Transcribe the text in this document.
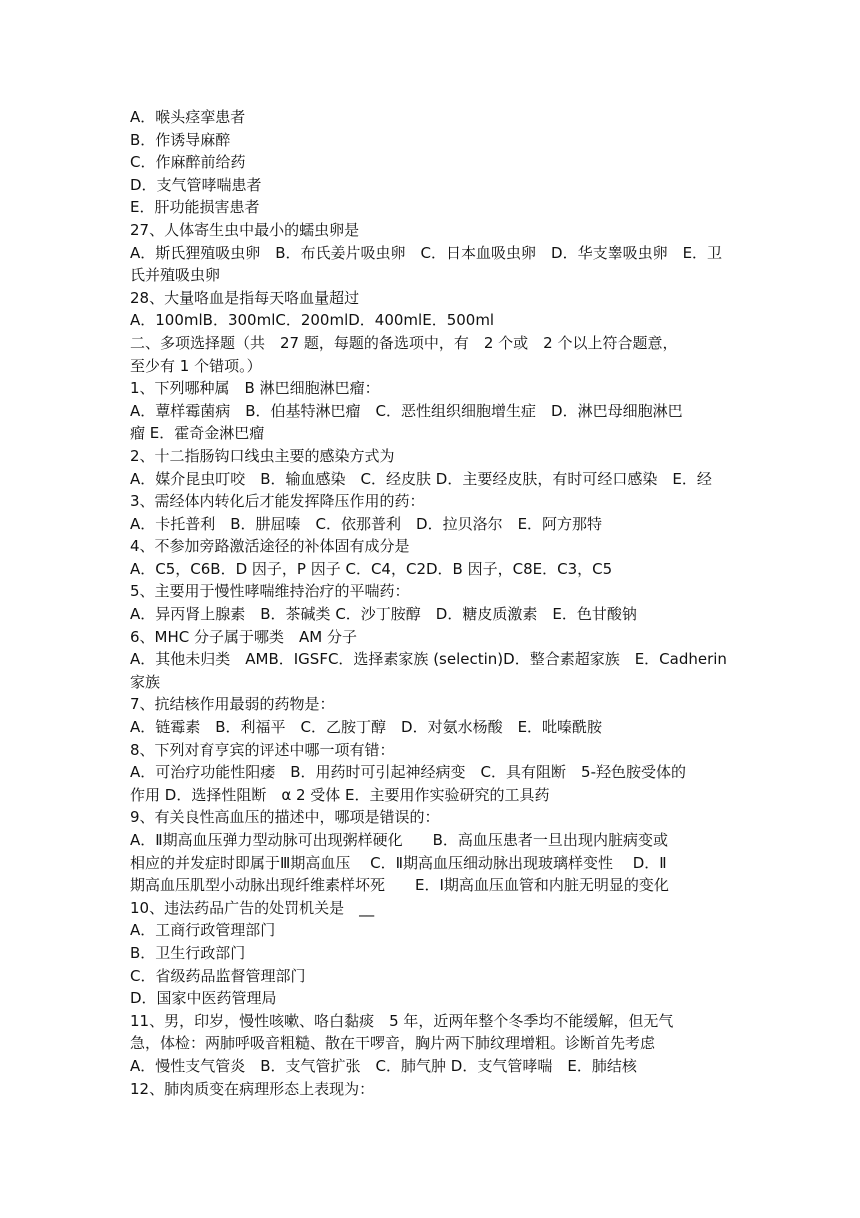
A．喉头痉挛患者
B．作诱导麻醉
C．作麻醉前给药
D．支气管哮喘患者
E．肝功能损害患者
27、人体寄生虫中最小的蠕虫卵是
A．斯氏狸殖吸虫卵　B．布氏姜片吸虫卵　C．日本血吸虫卵　D．华支睾吸虫卵　E．卫
氏并殖吸虫卵
28、大量咯血是指每天咯血量超过
A．100mlB．300mlC．200mlD．400mlE．500ml
二、多项选择题（共　27 题，每题的备选项中，有　2 个或　2 个以上符合题意，
至少有 1 个错项。）
1、下列哪种属　B 淋巴细胞淋巴瘤：
A．蕈样霉菌病　B．伯基特淋巴瘤　C．恶性组织细胞增生症　D．淋巴母细胞淋巴
瘤 E．霍奇金淋巴瘤
2、十二指肠钩口线虫主要的感染方式为
A．媒介昆虫叮咬　B．输血感染　C．经皮肤 D．主要经皮肤，有时可经口感染　E．经
3、需经体内转化后才能发挥降压作用的药：
A．卡托普利　B．肼屈嗪　C．依那普利　D．拉贝洛尔　E．阿方那特
4、不参加旁路激活途径的补体固有成分是
A．C5，C6B．D 因子，P 因子 C．C4，C2D．B 因子，C8E．C3，C5
5、主要用于慢性哮喘维持治疗的平喘药：
A．异丙肾上腺素　B．茶碱类 C．沙丁胺醇　D．糖皮质激素　E．色甘酸钠
6、MHC 分子属于哪类　AM 分子
A．其他未归类　AMB．IGSFC．选择素家族 (selectin)D．整合素超家族　E．Cadherin
家族
7、抗结核作用最弱的药物是：
A．链霉素　B．利福平　C．乙胺丁醇　D．对氨水杨酸　E．吡嗪酰胺
8、下列对育亨宾的评述中哪一项有错：
A．可治疗功能性阳痿　B．用药时可引起神经病变　C．具有阻断　5-羟色胺受体的
作用 D．选择性阻断　α 2 受体 E．主要用作实验研究的工具药
9、有关良性高血压的描述中，哪项是错误的：
A．Ⅱ期高血压弹力型动脉可出现粥样硬化　　B．高血压患者一旦出现内脏病变或
相应的并发症时即属于Ⅲ期高血压　 C．Ⅱ期高血压细动脉出现玻璃样变性　 D．Ⅱ
期高血压肌型小动脉出现纤维素样坏死　　E．Ⅰ期高血压血管和内脏无明显的变化
10、违法药品广告的处罚机关是　__
A．工商行政管理部门
B．卫生行政部门
C．省级药品监督管理部门
D．国家中医药管理局
11、男，印岁，慢性咳嗽、咯白黏痰　5 年，近两年整个冬季均不能缓解，但无气
急，体检：两肺呼吸音粗糙、散在干啰音，胸片两下肺纹理增粗。诊断首先考虑
A．慢性支气管炎　B．支气管扩张　C．肺气肿 D．支气管哮喘　E．肺结核
12、肺肉质变在病理形态上表现为：
